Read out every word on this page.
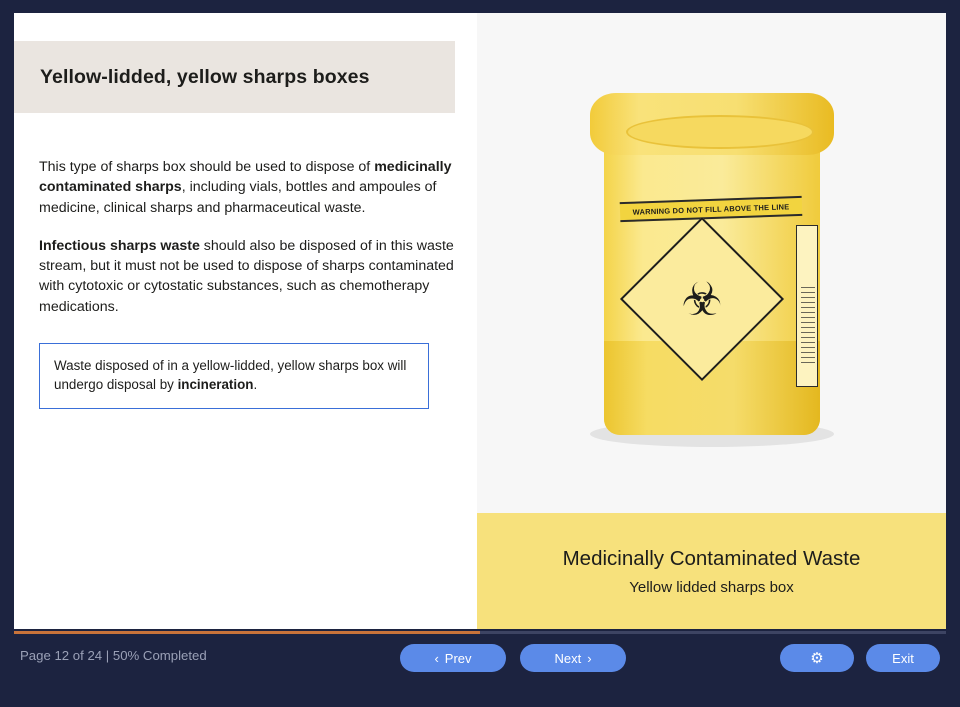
Yellow-lidded, yellow sharps boxes

This type of sharps box should be used to dispose of medicinally contaminated sharps, including vials, bottles and ampoules of medicine, clinical sharps and pharmaceutical waste.

Infectious sharps waste should also be disposed of in this waste stream, but it must not be used to dispose of sharps contaminated with cytotoxic or cytostatic substances, such as chemotherapy medications.

Waste disposed of in a yellow-lidded, yellow sharps box will undergo disposal by incineration.

WARNING DO NOT FILL ABOVE THE LINE
☣
Medicinally Contaminated Waste
Yellow lidded sharps box
Page 12 of 24 | 50% Completed	‹ Prev	Next ›	⚙	Exit
